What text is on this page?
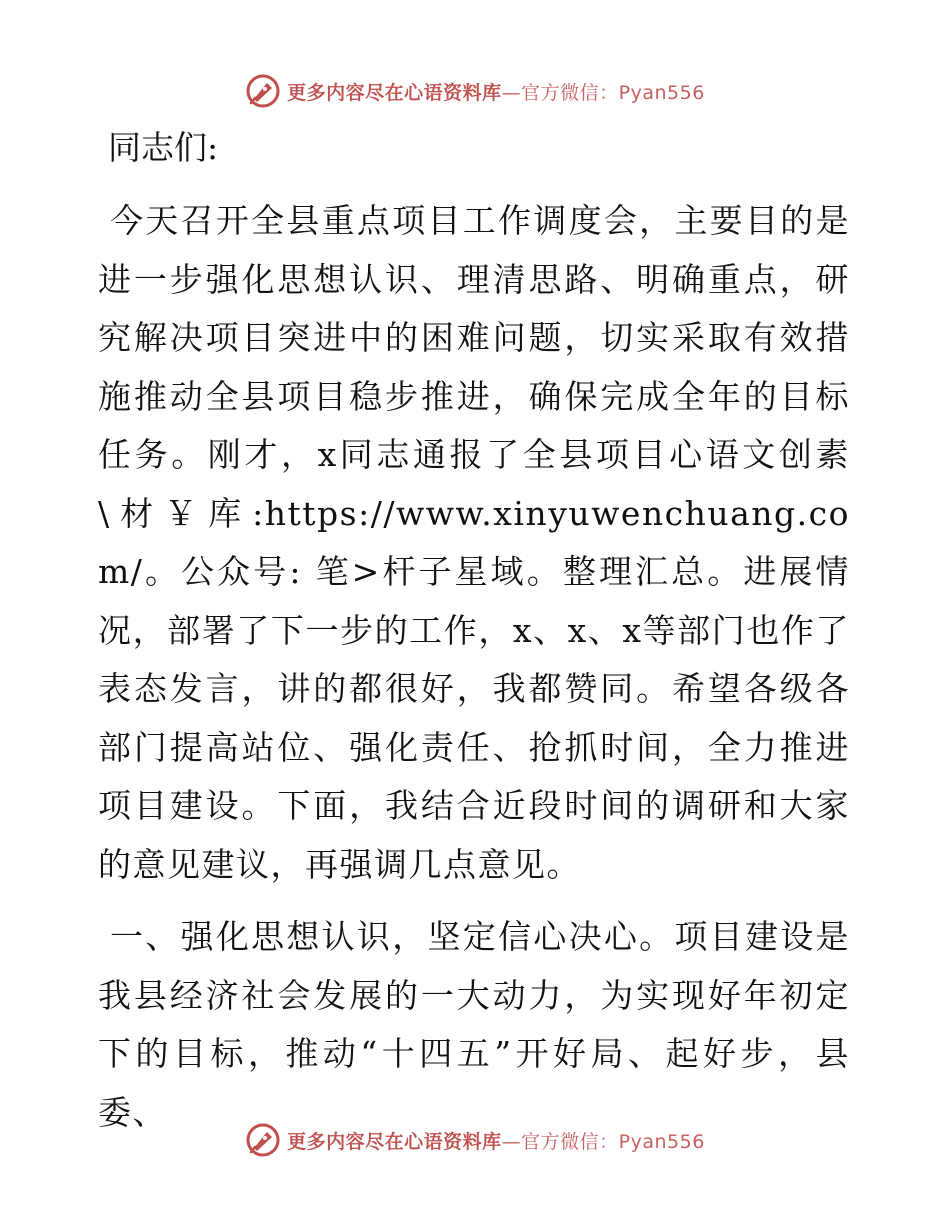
更多内容尽在心语资料库—官方微信：Pyan556
同志们:

今天召开全县重点项目工作调度会，主要目的是进一步强化思想认识、理清思路、明确重点，研究解决项目突进中的困难问题，切实采取有效措施推动全县项目稳步推进，确保完成全年的目标任务。刚才，x同志通报了全县项目心语文创素\材￥库:https://www.xinyuwenchuang.com/。公众号: 笔>杆子星域。整理汇总。进展情况，部署了下一步的工作，x、x、x等部门也作了表态发言，讲的都很好，我都赞同。希望各级各部门提高站位、强化责任、抢抓时间，全力推进项目建设。下面，我结合近段时间的调研和大家的意见建议，再强调几点意见。

一、强化思想认识，坚定信心决心。项目建设是我县经济社会发展的一大动力，为实现好年初定下的目标，推动“十四五”开好局、起好步，县委、

更多内容尽在心语资料库—官方微信：Pyan556
